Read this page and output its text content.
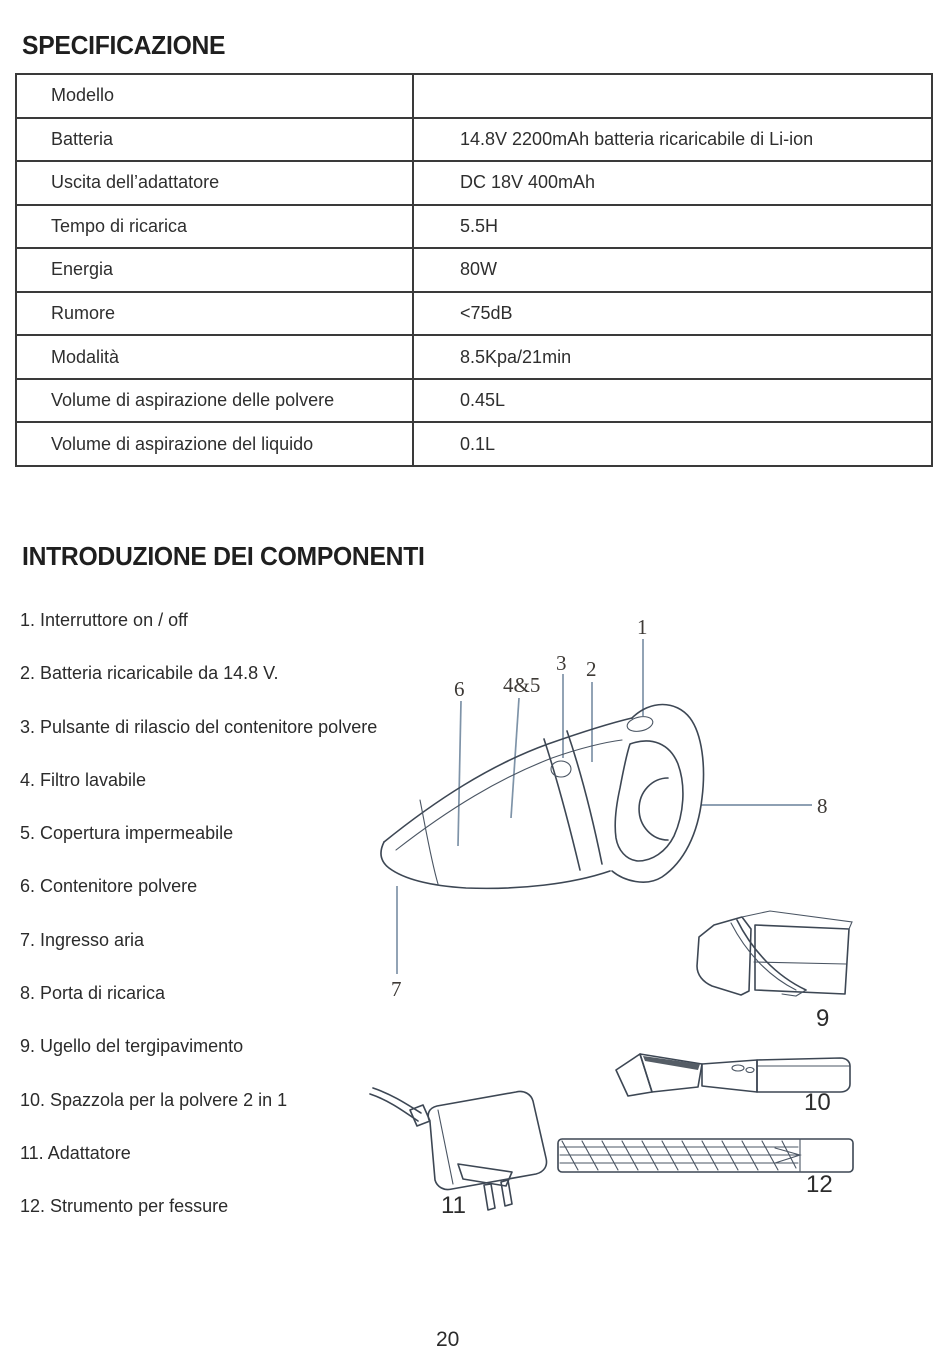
SPECIFICAZIONE
Modello	
Batteria	14.8V 2200mAh batteria ricaricabile di Li-ion
Uscita dell’adattatore	DC 18V 400mAh
Tempo di ricarica	5.5H
Energia	80W
Rumore	<75dB
Modalità	8.5Kpa/21min
Volume di aspirazione delle polvere	0.45L
Volume di aspirazione del liquido	0.1L
INTRODUZIONE DEI COMPONENTI
1. Interruttore on / off
2. Batteria ricaricabile da 14.8 V.
3. Pulsante di rilascio del contenitore polvere
4. Filtro lavabile
5. Copertura impermeabile
6. Contenitore polvere
7. Ingresso aria
8. Porta di ricarica
9. Ugello del tergipavimento
10. Spazzola per la polvere 2 in 1
11. Adattatore
12. Strumento per fessure
1
2
3
4&5
6
7
8
9
10
11
12
20
